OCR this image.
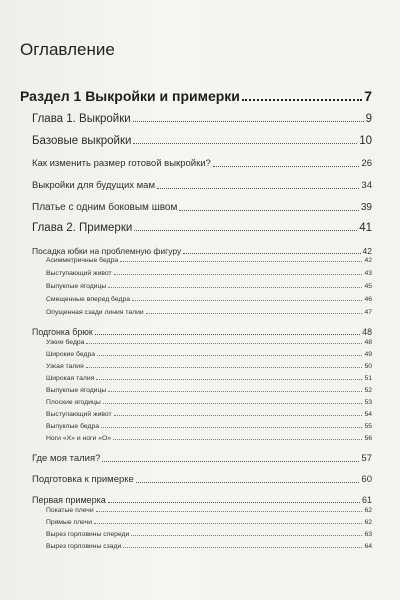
Оглавление
Раздел 1 Выкройки и примерки	7
Глава 1. Выкройки	9
Базовые выкройки	10
Как изменить размер готовой выкройки?	26
Выкройки для будущих мам	34
Платье с одним боковым швом	39
Глава 2. Примерки	41
Посадка юбки на проблемную фигуру	42
Асимметричные бедра	42
Выступающий живот	43
Выпуклые ягодицы	45
Смещенные вперед бедра	46
Опущенная сзади линия талии	47
Подгонка брюк	48
Узкие бедра	48
Широкие бедра	49
Узкая талия	50
Широкая талия	51
Выпуклые ягодицы	52
Плоские ягодицы	53
Выступающий живот	54
Выпуклые бедра	55
Ноги «Х» и ноги «О»	56
Где моя талия?	57
Подготовка к примерке	60
Первая примерка	61
Покатые плечи	62
Прямые плечи	62
Вырез горловины спереди	63
Вырез горловины сзади	64
